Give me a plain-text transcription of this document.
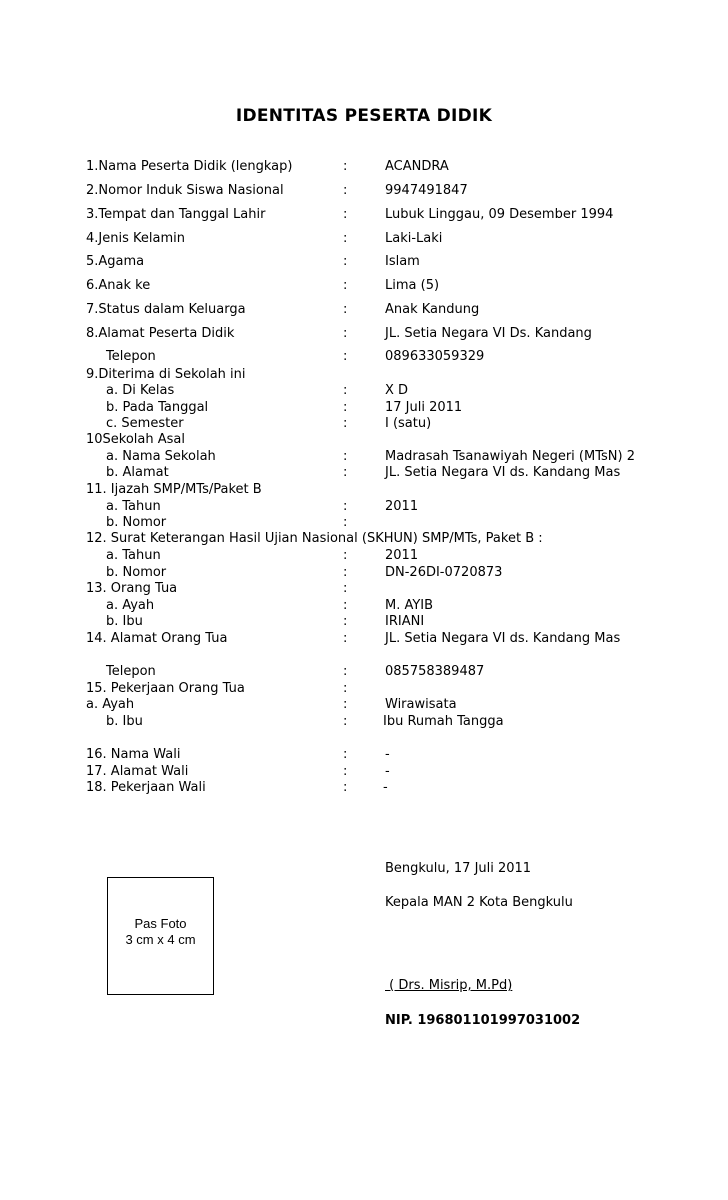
IDENTITAS PESERTA DIDIK
1.Nama Peserta Didik (lengkap)	:	ACANDRA
2.Nomor Induk Siswa Nasional	:	9947491847
3.Tempat dan Tanggal Lahir	:	Lubuk Linggau, 09 Desember 1994
4.Jenis Kelamin	:	Laki-Laki
5.Agama	:	Islam
6.Anak ke	:	Lima (5)
7.Status dalam Keluarga	:	Anak Kandung
8.Alamat Peserta Didik	:	JL. Setia Negara VI Ds. Kandang
Telepon	:	089633059329
9.Diterima di Sekolah ini
a. Di Kelas	:	X D
b. Pada Tanggal	:	17 Juli 2011
c. Semester	:	I (satu)
10Sekolah Asal
a. Nama Sekolah	:	Madrasah Tsanawiyah Negeri (MTsN) 2
b. Alamat	:	JL. Setia Negara VI ds. Kandang Mas
11. Ijazah SMP/MTs/Paket B
a. Tahun	:	2011
b. Nomor	:
12. Surat Keterangan Hasil Ujian Nasional (SKHUN) SMP/MTs, Paket B :
a. Tahun	:	2011
b. Nomor	:	DN-26DI-0720873
13. Orang Tua	:
a. Ayah	:	M. AYIB
b. Ibu	:	IRIANI
14. Alamat Orang Tua	:	JL. Setia Negara VI ds. Kandang Mas
Telepon	:	085758389487
15. Pekerjaan Orang Tua	:
a. Ayah	:	Wirawisata
b. Ibu	:	Ibu Rumah Tangga
16. Nama Wali	:	-
17. Alamat Wali	:	-
18. Pekerjaan Wali	:	-
Pas Foto
3 cm x 4 cm
Bengkulu, 17 Juli 2011
Kepala MAN 2 Kota Bengkulu
( Drs. Misrip, M.Pd)
NIP. 196801101997031002
